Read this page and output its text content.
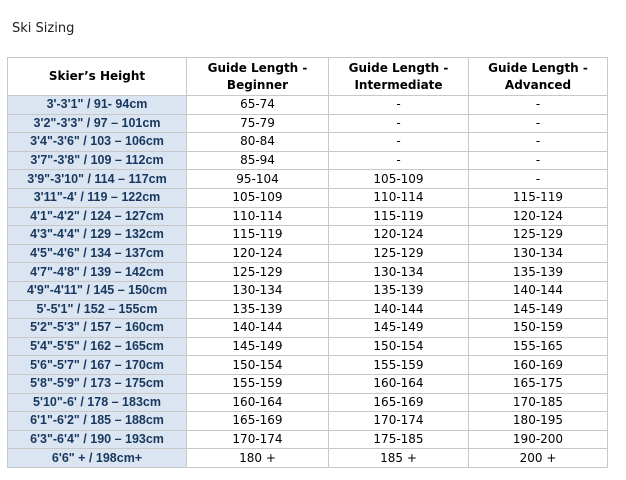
Ski Sizing
Skier’s Height	Guide Length -
Beginner	Guide Length -
Intermediate	Guide Length -
Advanced
3'-3'1" / 91- 94cm	65-74	-	-
3'2"-3'3" / 97 – 101cm	75-79	-	-
3'4"-3'6" / 103 – 106cm	80-84	-	-
3'7"-3'8" / 109 – 112cm	85-94	-	-
3'9"-3'10" / 114 – 117cm	95-104	105-109	-
3'11"-4' / 119 – 122cm	105-109	110-114	115-119
4'1"-4'2" / 124 – 127cm	110-114	115-119	120-124
4'3"-4'4" / 129 – 132cm	115-119	120-124	125-129
4'5"-4'6" / 134 – 137cm	120-124	125-129	130-134
4'7"-4'8" / 139 – 142cm	125-129	130-134	135-139
4'9"-4'11" / 145 – 150cm	130-134	135-139	140-144
5'-5'1" / 152 – 155cm	135-139	140-144	145-149
5'2"-5'3" / 157 – 160cm	140-144	145-149	150-159
5'4"-5'5" / 162 – 165cm	145-149	150-154	155-165
5'6"-5'7" / 167 – 170cm	150-154	155-159	160-169
5'8"-5'9" / 173 – 175cm	155-159	160-164	165-175
5'10"-6' / 178 – 183cm	160-164	165-169	170-185
6'1"-6'2" / 185 – 188cm	165-169	170-174	180-195
6'3"-6'4" / 190 – 193cm	170-174	175-185	190-200
6'6" + / 198cm+	180 +	185 +	200 +
